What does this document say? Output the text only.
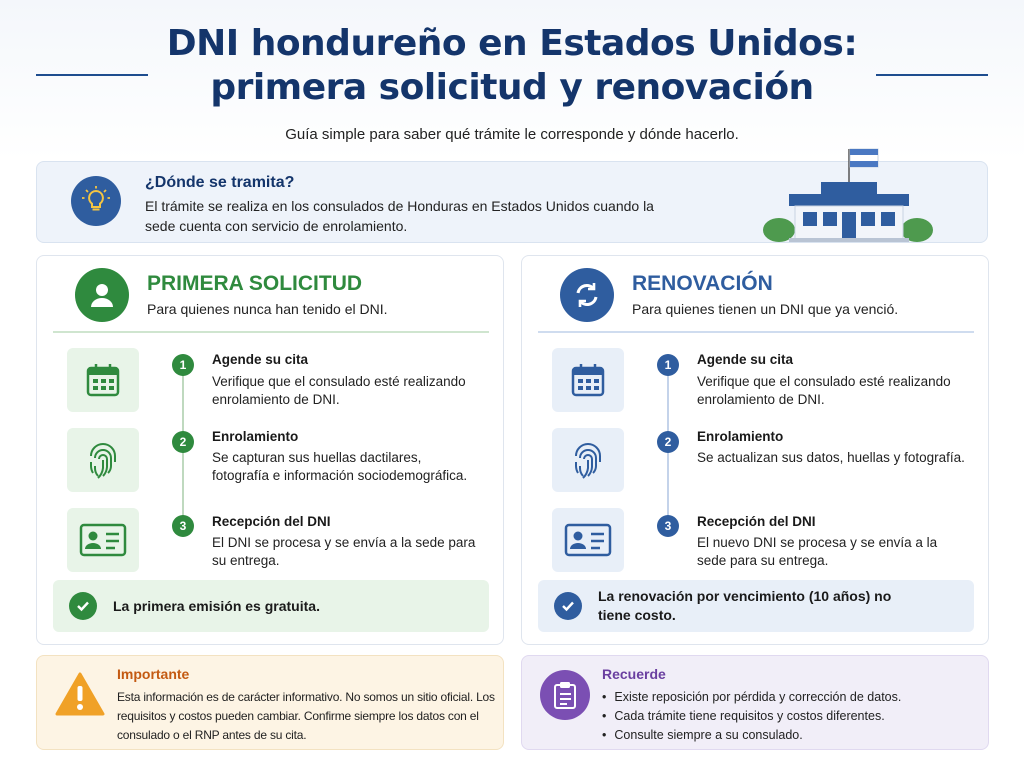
DNI hondureño en Estados Unidos:
primera solicitud y renovación
Guía simple para saber qué trámite le corresponde y dónde hacerlo.
¿Dónde se tramita?
El trámite se realiza en los consulados de Honduras en Estados Unidos cuando la sede cuenta con servicio de enrolamiento.
PRIMERA SOLICITUD
Para quienes nunca han tenido el DNI.
1	Agende su cita
Verifique que el consulado esté realizando enrolamiento de DNI.
2	Enrolamiento
Se capturan sus huellas dactilares, fotografía e información sociodemográfica.
3	Recepción del DNI
El DNI se procesa y se envía a la sede para su entrega.
La primera emisión es gratuita.
RENOVACIÓN
Para quienes tienen un DNI que ya venció.
1	Agende su cita
Verifique que el consulado esté realizando enrolamiento de DNI.
2	Enrolamiento
Se actualizan sus datos, huellas y fotografía.
3	Recepción del DNI
El nuevo DNI se procesa y se envía a la sede para su entrega.
La renovación por vencimiento (10 años) no tiene costo.
Importante
Esta información es de carácter informativo. No somos un sitio oficial. Los requisitos y costos pueden cambiar. Confirme siempre los datos con el consulado o el RNP antes de su cita.
Recuerde
• Existe reposición por pérdida y corrección de datos.
• Cada trámite tiene requisitos y costos diferentes.
• Consulte siempre a su consulado.
